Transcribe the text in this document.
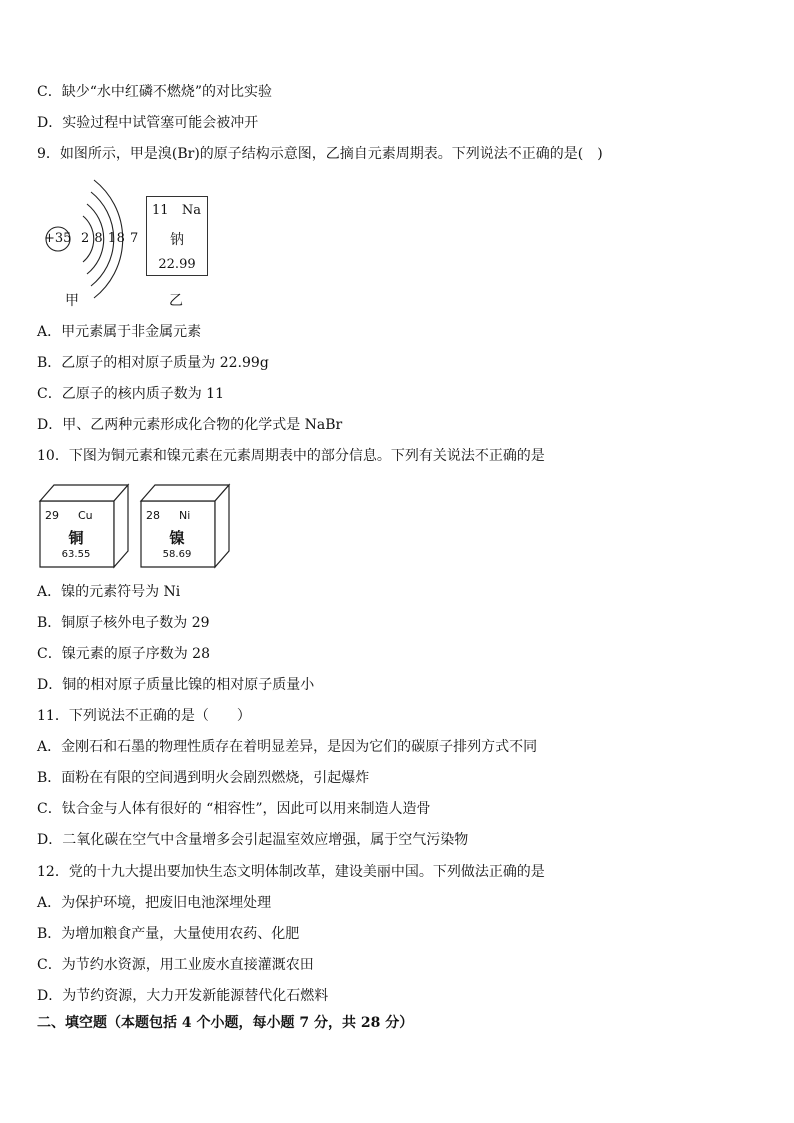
C．缺少“水中红磷不燃烧”的对比实验
D．实验过程中试管塞可能会被冲开
9．如图所示，甲是溴(Br)的原子结构示意图，乙摘自元素周期表。下列说法不正确的是(　)
+35 2 8 18 7
甲
11 Na
钠
22.99
乙
A．甲元素属于非金属元素
B．乙原子的相对原子质量为 22.99g
C．乙原子的核内质子数为 11
D．甲、乙两种元素形成化合物的化学式是 NaBr
10．下图为铜元素和镍元素在元素周期表中的部分信息。下列有关说法不正确的是
29 Cu
铜
63.55
28 Ni
镍
58.69
A．镍的元素符号为 Ni
B．铜原子核外电子数为 29
C．镍元素的原子序数为 28
D．铜的相对原子质量比镍的相对原子质量小
11．下列说法不正确的是（　　）
A．金刚石和石墨的物理性质存在着明显差异，是因为它们的碳原子排列方式不同
B．面粉在有限的空间遇到明火会剧烈燃烧，引起爆炸
C．钛合金与人体有很好的 “相容性”，因此可以用来制造人造骨
D．二氧化碳在空气中含量增多会引起温室效应增强，属于空气污染物
12．党的十九大提出要加快生态文明体制改革，建设美丽中国。下列做法正确的是
A．为保护环境，把废旧电池深埋处理
B．为增加粮食产量，大量使用农药、化肥
C．为节约水资源，用工业废水直接灌溉农田
D．为节约资源，大力开发新能源替代化石燃料
二、填空题（本题包括 4 个小题，每小题 7 分，共 28 分）
